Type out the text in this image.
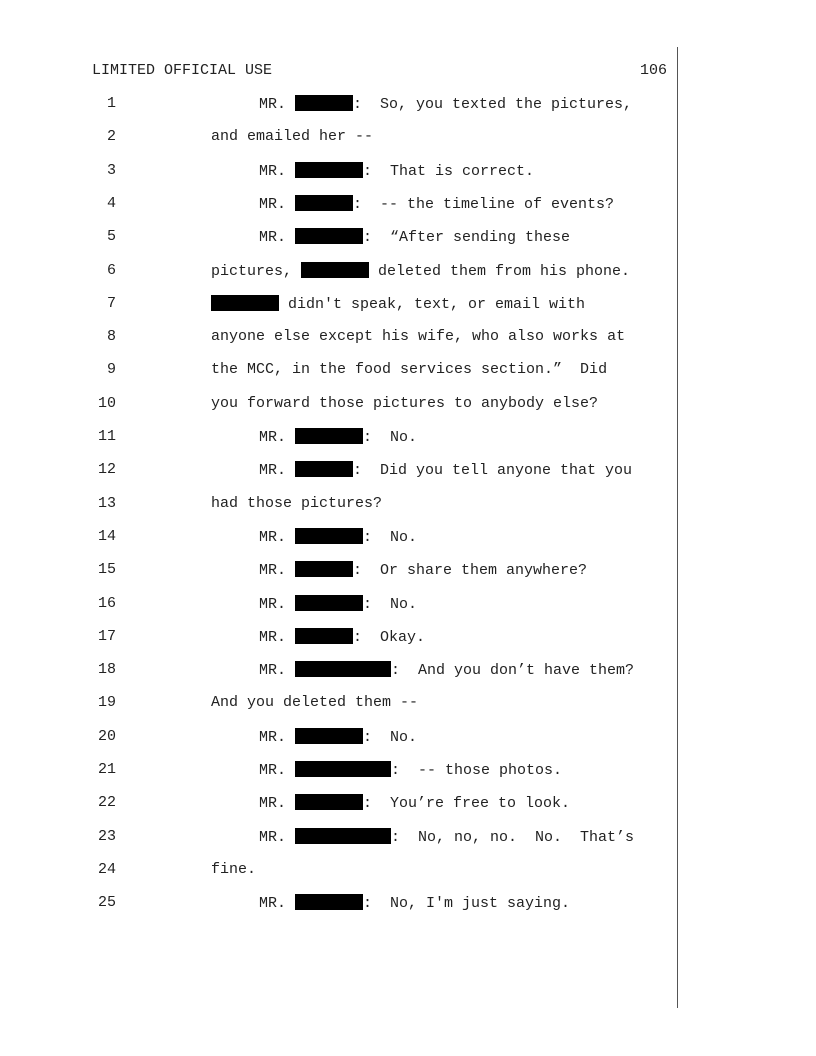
LIMITED OFFICIAL USE	106
1	MR.	:  So, you texted the pictures,
2	and emailed her --
3	MR.	:  That is correct.
4	MR.	:  -- the timeline of events?
5	MR.	:  “After sending these
6	pictures,	deleted them from his phone.
7	didn't speak, text, or email with
8	anyone else except his wife, who also works at
9	the MCC, in the food services section.”  Did
10	you forward those pictures to anybody else?
11	MR.	:  No.
12	MR.	:  Did you tell anyone that you
13	had those pictures?
14	MR.	:  No.
15	MR.	:  Or share them anywhere?
16	MR.	:  No.
17	MR.	:  Okay.
18	MR.	:  And you don’t have them?
19	And you deleted them --
20	MR.	:  No.
21	MR.	:  -- those photos.
22	MR.	:  You’re free to look.
23	MR.	:  No, no, no.  No.  That’s
24	fine.
25	MR.	:  No, I'm just saying.
